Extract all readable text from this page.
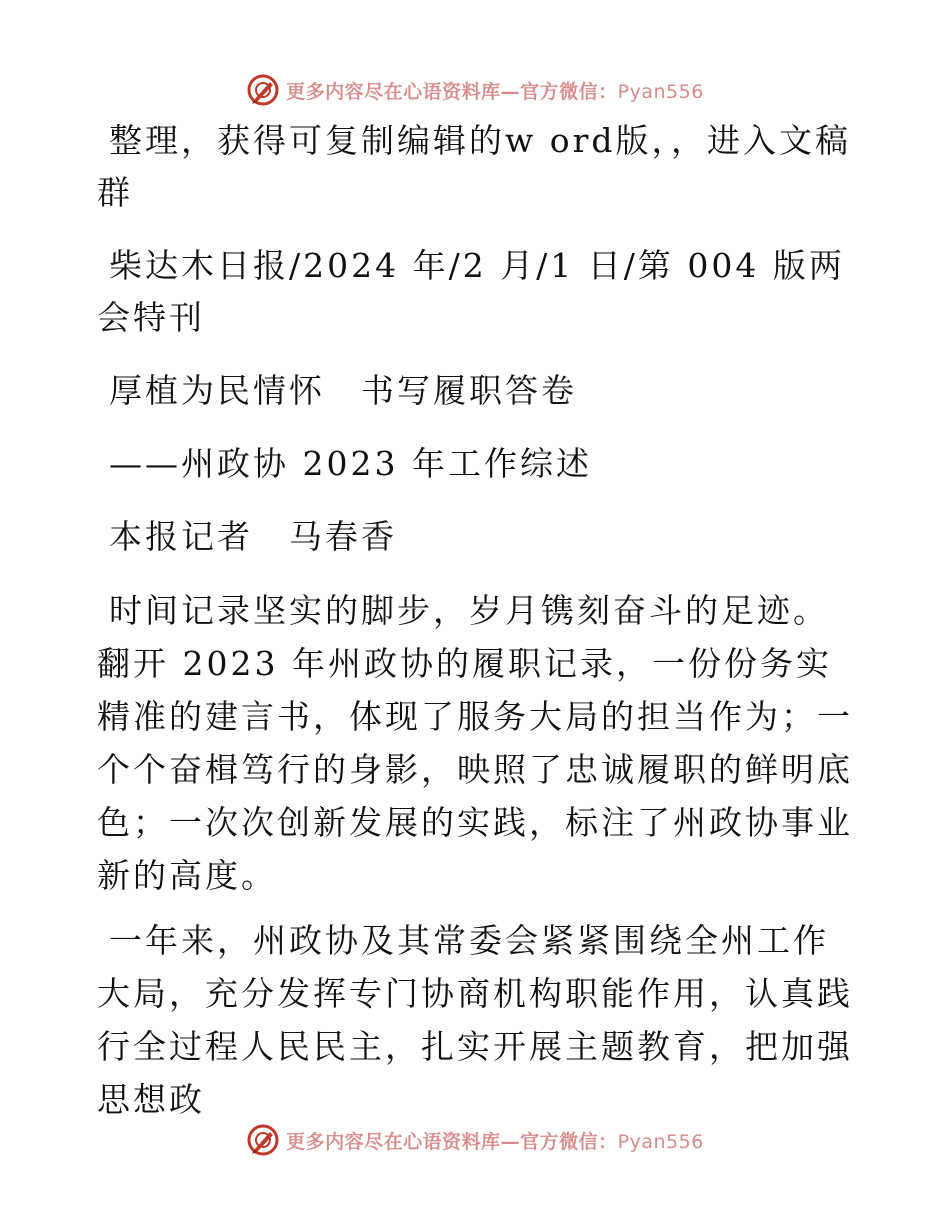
更多内容尽在心语资料库—官方微信：Pyan556

整理，获得可复制编辑的w ord版，，进入文稿群

柴达木日报/2024 年/2 月/1 日/第 004 版两会特刊

厚植为民情怀　书写履职答卷

——州政协 2023 年工作综述

本报记者　马春香

时间记录坚实的脚步，岁月镌刻奋斗的足迹。翻开 2023 年州政协的履职记录，一份份务实精准的建言书，体现了服务大局的担当作为；一个个奋楫笃行的身影，映照了忠诚履职的鲜明底色；一次次创新发展的实践，标注了州政协事业新的高度。

一年来，州政协及其常委会紧紧围绕全州工作大局，充分发挥专门协商机构职能作用，认真践行全过程人民民主，扎实开展主题教育，把加强思想政

更多内容尽在心语资料库—官方微信：Pyan556
